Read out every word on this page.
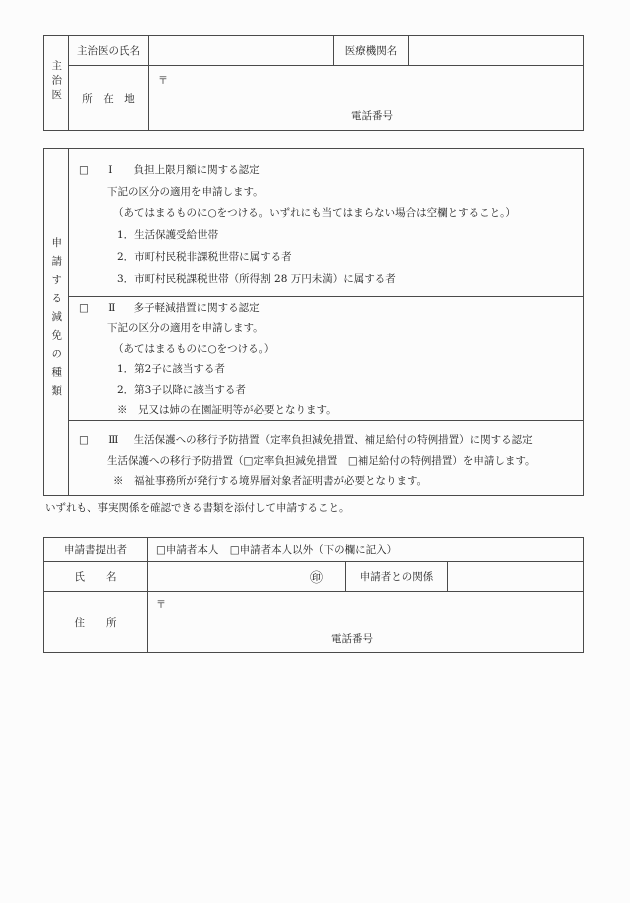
主治医	主治医の氏名		医療機関名	
	所　在　地	〒
電話番号		
申請する減免の種類	
□ Ⅰ 負担上限月額に関する認定
下記の区分の適用を申請します。
（あてはまるものに○をつける。いずれにも当てはまらない場合は空欄とすること。）
1．生活保護受給世帯
2．市町村民税非課税世帯に属する者
3．市町村民税課税世帯（所得割 28 万円未満）に属する者

□ Ⅱ 多子軽減措置に関する認定
下記の区分の適用を申請します。
（あてはまるものに○をつける。）
1．第2子に該当する者
2．第3子以降に該当する者
※　兄又は姉の在園証明等が必要となります。

□ Ⅲ 生活保護への移行予防措置（定率負担減免措置、補足給付の特例措置）に関する認定
生活保護への移行予防措置（□定率負担減免措置　□補足給付の特例措置）を申請します。
※　福祉事務所が発行する境界層対象者証明書が必要となります。
いずれも、事実関係を確認できる書類を添付して申請すること。
申請書提出者	□申請者本人 □申請者本人以外（下の欄に記入）		
氏　　名	㊞	申請者との関係	
住　　所	〒
電話番号		
